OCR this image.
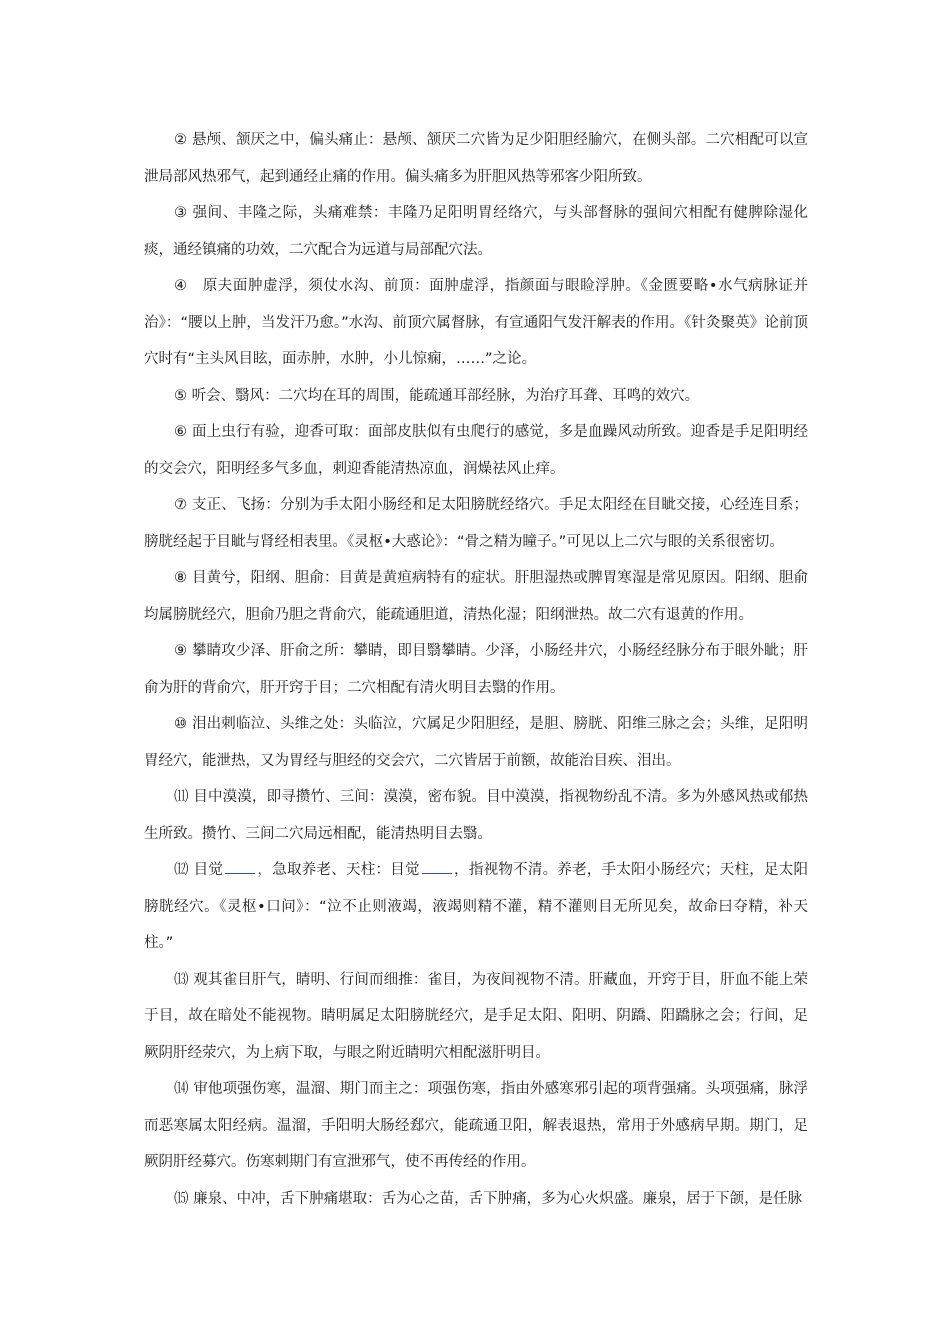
② 悬颅、颔厌之中，偏头痛止：悬颅、颔厌二穴皆为足少阳胆经腧穴，在侧头部。二穴相配可以宣泄局部风热邪气，起到通经止痛的作用。偏头痛多为肝胆风热等邪客少阳所致。

③ 强间、丰隆之际，头痛难禁：丰隆乃足阳明胃经络穴，与头部督脉的强间穴相配有健脾除湿化痰，通经镇痛的功效，二穴配合为远道与局部配穴法。

④　原夫面肿虚浮，须仗水沟、前顶：面肿虚浮，指颜面与眼睑浮肿。《金匮要略•水气病脉证并治》：“腰以上肿，当发汗乃愈。”水沟、前顶穴属督脉，有宣通阳气发汗解表的作用。《针灸聚英》论前顶穴时有“主头风目眩，面赤肿，水肿，小儿惊痫，……”之论。

⑤ 听会、翳风：二穴均在耳的周围，能疏通耳部经脉，为治疗耳聋、耳鸣的效穴。

⑥ 面上虫行有验，迎香可取：面部皮肤似有虫爬行的感觉，多是血躁风动所致。迎香是手足阳明经的交会穴，阳明经多气多血，刺迎香能清热凉血，润燥祛风止痒。

⑦ 支正、飞扬：分别为手太阳小肠经和足太阳膀胱经络穴。手足太阳经在目眦交接，心经连目系；膀胱经起于目眦与肾经相表里。《灵枢•大惑论》：“骨之精为瞳子。”可见以上二穴与眼的关系很密切。

⑧ 目黄兮，阳纲、胆俞：目黄是黄疸病特有的症状。肝胆湿热或脾胃寒湿是常见原因。阳纲、胆俞均属膀胱经穴，胆俞乃胆之背俞穴，能疏通胆道，清热化湿；阳纲泄热。故二穴有退黄的作用。

⑨ 攀睛攻少泽、肝俞之所：攀睛，即目翳攀睛。少泽，小肠经井穴，小肠经经脉分布于眼外眦；肝俞为肝的背俞穴，肝开窍于目；二穴相配有清火明目去翳的作用。

⑩ 泪出刺临泣、头维之处：头临泣，穴属足少阳胆经，是胆、膀胱、阳维三脉之会；头维，足阳明胃经穴，能泄热，又为胃经与胆经的交会穴，二穴皆居于前额，故能治目疾、泪出。

⑾ 目中漠漠，即寻攒竹、三间：漠漠，密布貌。目中漠漠，指视物纷乱不清。多为外感风热或郁热生所致。攒竹、三间二穴局远相配，能清热明目去翳。

⑿ 目觉 ，急取养老、天柱：目觉 ，指视物不清。养老，手太阳小肠经穴；天柱，足太阳膀胱经穴。《灵枢•口问》：“泣不止则液竭，液竭则精不灌，精不灌则目无所见矣，故命曰夺精，补天柱。”

⒀ 观其雀目肝气，睛明、行间而细推：雀目，为夜间视物不清。肝藏血，开窍于目，肝血不能上荣于目，故在暗处不能视物。睛明属足太阳膀胱经穴，是手足太阳、阳明、阴蹻、阳蹻脉之会；行间，足厥阴肝经荥穴，为上病下取，与眼之附近睛明穴相配滋肝明目。

⒁ 审他项强伤寒，温溜、期门而主之：项强伤寒，指由外感寒邪引起的项背强痛。头项强痛，脉浮而恶寒属太阳经病。温溜，手阳明大肠经郄穴，能疏通卫阳，解表退热，常用于外感病早期。期门，足厥阴肝经募穴。伤寒刺期门有宣泄邪气，使不再传经的作用。

⒂ 廉泉、中冲，舌下肿痛堪取：舌为心之苗，舌下肿痛，多为心火炽盛。廉泉，居于下颌，是任脉
